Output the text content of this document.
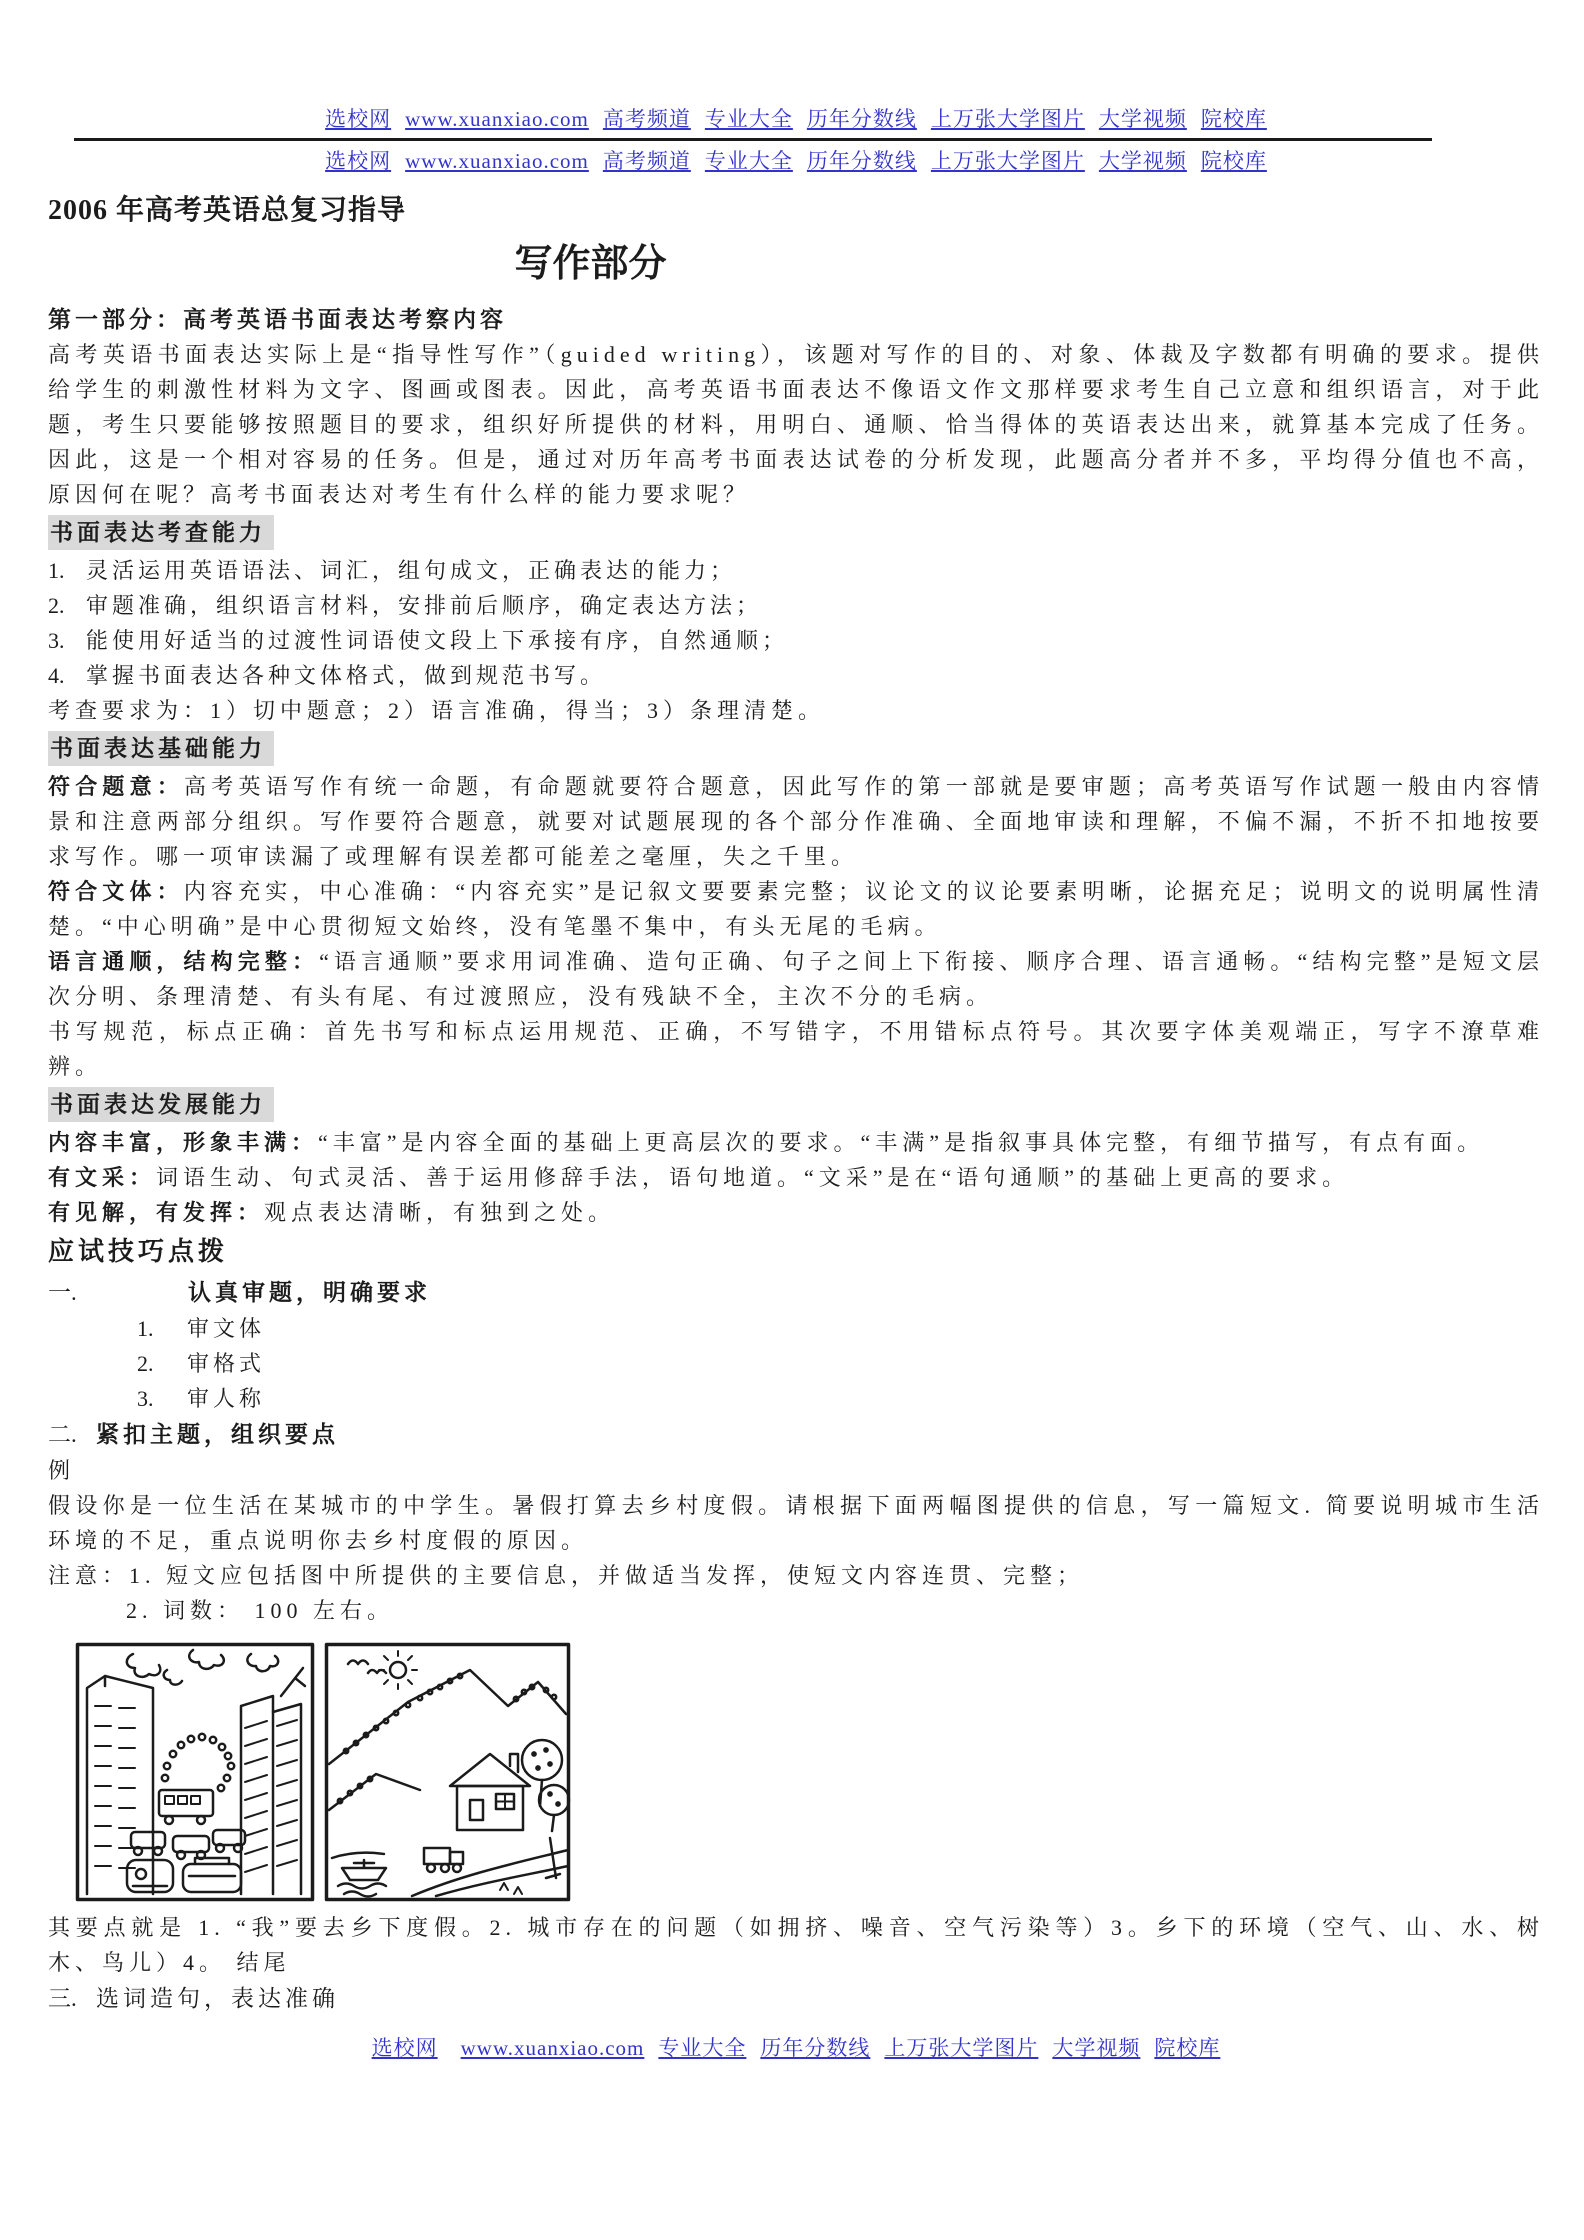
选校网 www.xuanxiao.com 高考频道 专业大全 历年分数线 上万张大学图片 大学视频 院校库
选校网 www.xuanxiao.com 高考频道 专业大全 历年分数线 上万张大学图片 大学视频 院校库
2006 年高考英语总复习指导
写作部分
第一部分：高考英语书面表达考察内容

高考英语书面表达实际上是“指导性写作”（guided writing），该题对写作的目的、对象、体裁及字数都有明确的要求。提供给学生的刺激性材料为文字、图画或图表。因此，高考英语书面表达不像语文作文那样要求考生自己立意和组织语言，对于此题，考生只要能够按照题目的要求，组织好所提供的材料，用明白、通顺、恰当得体的英语表达出来，就算基本完成了任务。因此，这是一个相对容易的任务。但是，通过对历年高考书面表达试卷的分析发现，此题高分者并不多，平均得分值也不高，原因何在呢？高考书面表达对考生有什么样的能力要求呢？

书面表达考查能力
1. 灵活运用英语语法、词汇，组句成文，正确表达的能力；
2. 审题准确，组织语言材料，安排前后顺序，确定表达方法；
3. 能使用好适当的过渡性词语使文段上下承接有序，自然通顺；
4. 掌握书面表达各种文体格式，做到规范书写。

考查要求为：1）切中题意；2）语言准确，得当；3）条理清楚。

书面表达基础能力

符合题意：高考英语写作有统一命题，有命题就要符合题意，因此写作的第一部就是要审题；高考英语写作试题一般由内容情景和注意两部分组织。写作要符合题意，就要对试题展现的各个部分作准确、全面地审读和理解，不偏不漏，不折不扣地按要求写作。哪一项审读漏了或理解有误差都可能差之毫厘，失之千里。

符合文体：内容充实，中心准确：“内容充实”是记叙文要要素完整；议论文的议论要素明晰，论据充足；说明文的说明属性清楚。“中心明确”是中心贯彻短文始终，没有笔墨不集中，有头无尾的毛病。

语言通顺，结构完整：“语言通顺”要求用词准确、造句正确、句子之间上下衔接、顺序合理、语言通畅。“结构完整”是短文层次分明、条理清楚、有头有尾、有过渡照应，没有残缺不全，主次不分的毛病。

书写规范，标点正确：首先书写和标点运用规范、正确，不写错字，不用错标点符号。其次要字体美观端正，写字不潦草难辨。

书面表达发展能力

内容丰富，形象丰满：“丰富”是内容全面的基础上更高层次的要求。“丰满”是指叙事具体完整，有细节描写，有点有面。

有文采：词语生动、句式灵活、善于运用修辞手法，语句地道。“文采”是在“语句通顺”的基础上更高的要求。

有见解，有发挥：观点表达清晰，有独到之处。

应试技巧点拨
一.	认真审题，明确要求
1. 审文体
2. 审格式
3. 审人称
二. 紧扣主题，组织要点
例

假设你是一位生活在某城市的中学生。暑假打算去乡村度假。请根据下面两幅图提供的信息，写一篇短文. 简要说明城市生活环境的不足，重点说明你去乡村度假的原因。

注意：1. 短文应包括图中所提供的主要信息，并做适当发挥，使短文内容连贯、完整；
2. 词数： 100 左右。

其要点就是 1. “我”要去乡下度假。2. 城市存在的问题（如拥挤、噪音、空气污染等）3。乡下的环境（空气、山、水、树木、鸟儿）4。 结尾

三. 选词造句，表达准确
选校网 www.xuanxiao.com 专业大全 历年分数线 上万张大学图片 大学视频 院校库
